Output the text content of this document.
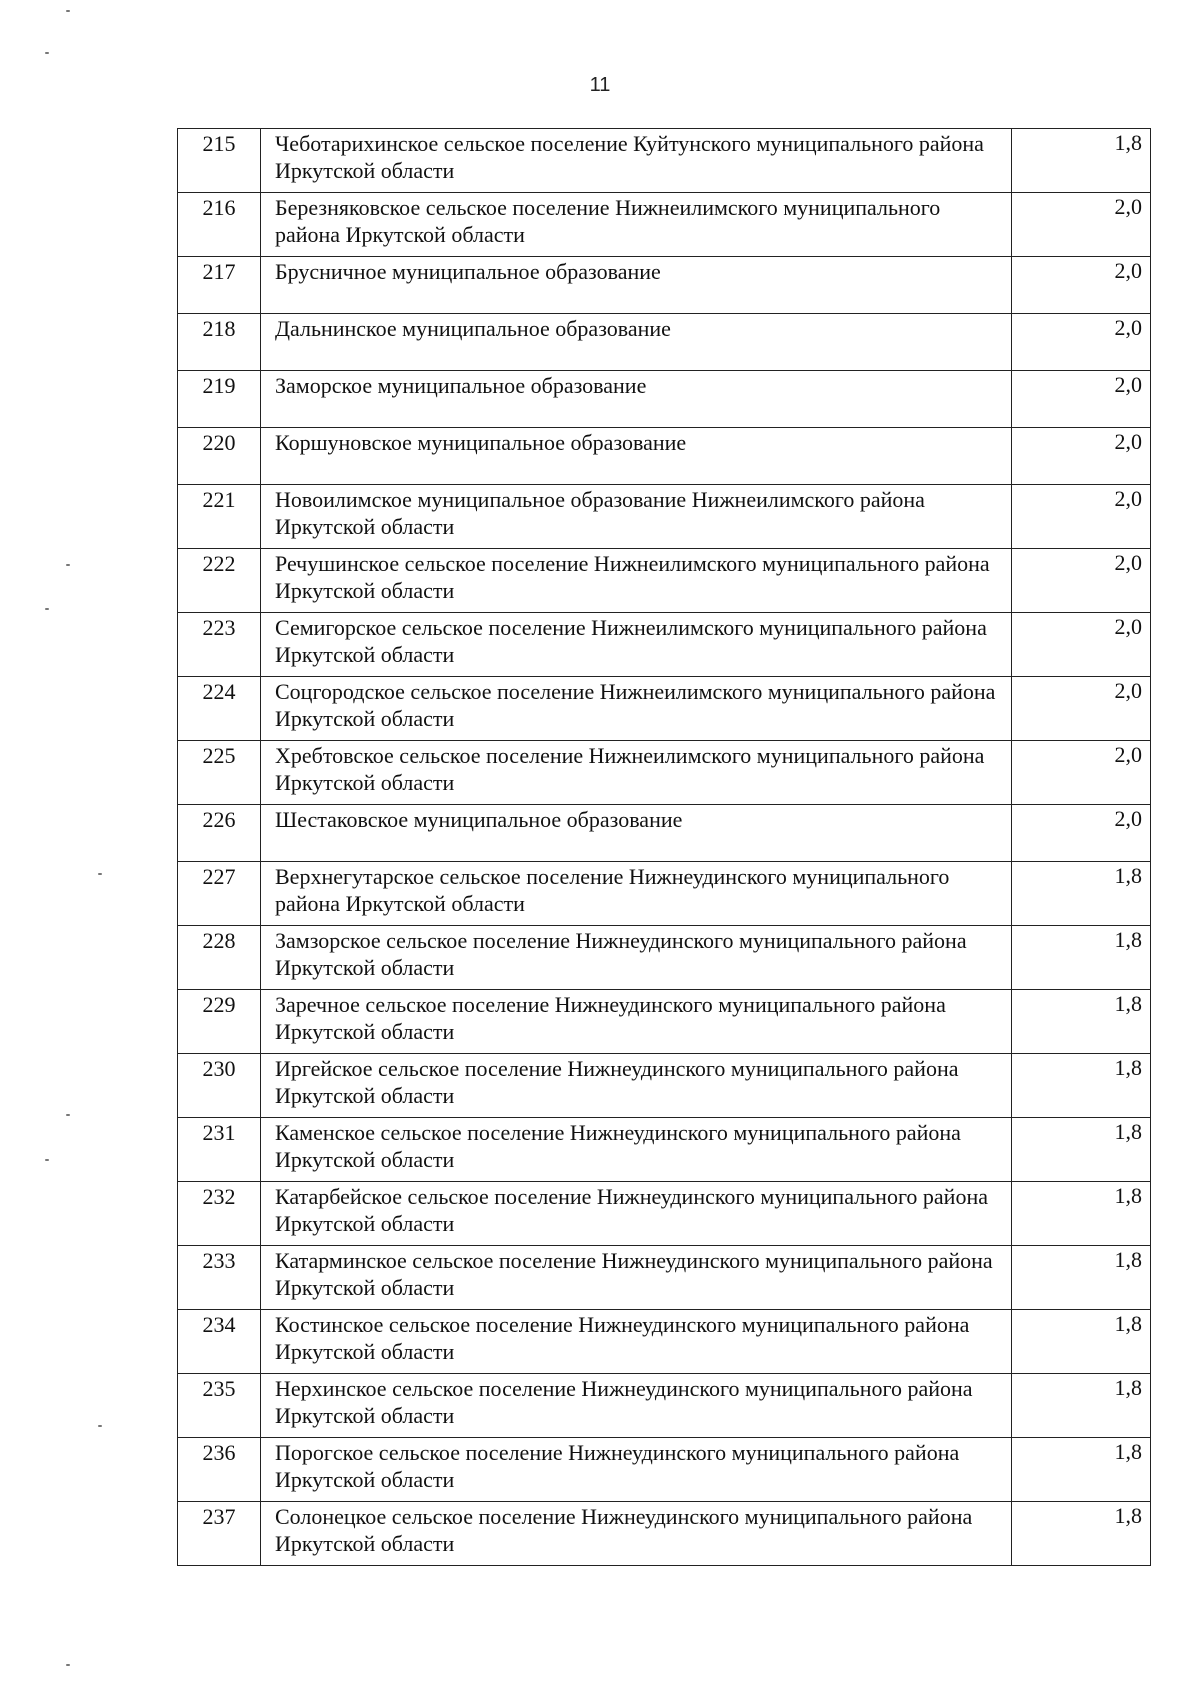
11
215	Чеботарихинское сельское поселение Куйтунского муниципального района Иркутской области	1,8
216	Березняковское сельское поселение Нижнеилимского муниципального района Иркутской области	2,0
217	Брусничное муниципальное образование	2,0
218	Дальнинское муниципальное образование	2,0
219	Заморское муниципальное образование	2,0
220	Коршуновское муниципальное образование	2,0
221	Новоилимское муниципальное образование Нижнеилимского района Иркутской области	2,0
222	Речушинское сельское поселение Нижнеилимского муниципального района Иркутской области	2,0
223	Семигорское сельское поселение Нижнеилимского муниципального района Иркутской области	2,0
224	Соцгородское сельское поселение Нижнеилимского муниципального района Иркутской области	2,0
225	Хребтовское сельское поселение Нижнеилимского муниципального района Иркутской области	2,0
226	Шестаковское муниципальное образование	2,0
227	Верхнегутарское сельское поселение Нижнеудинского муниципального района Иркутской области	1,8
228	Замзорское сельское поселение Нижнеудинского муниципального района Иркутской области	1,8
229	Заречное сельское поселение Нижнеудинского муниципального района Иркутской области	1,8
230	Иргейское сельское поселение Нижнеудинского муниципального района Иркутской области	1,8
231	Каменское сельское поселение Нижнеудинского муниципального района Иркутской области	1,8
232	Катарбейское сельское поселение Нижнеудинского муниципального района Иркутской области	1,8
233	Катарминское сельское поселение Нижнеудинского муниципального района Иркутской области	1,8
234	Костинское сельское поселение Нижнеудинского муниципального района Иркутской области	1,8
235	Нерхинское сельское поселение Нижнеудинского муниципального района Иркутской области	1,8
236	Порогское сельское поселение Нижнеудинского муниципального района Иркутской области	1,8
237	Солонецкое сельское поселение Нижнеудинского муниципального района Иркутской области	1,8
